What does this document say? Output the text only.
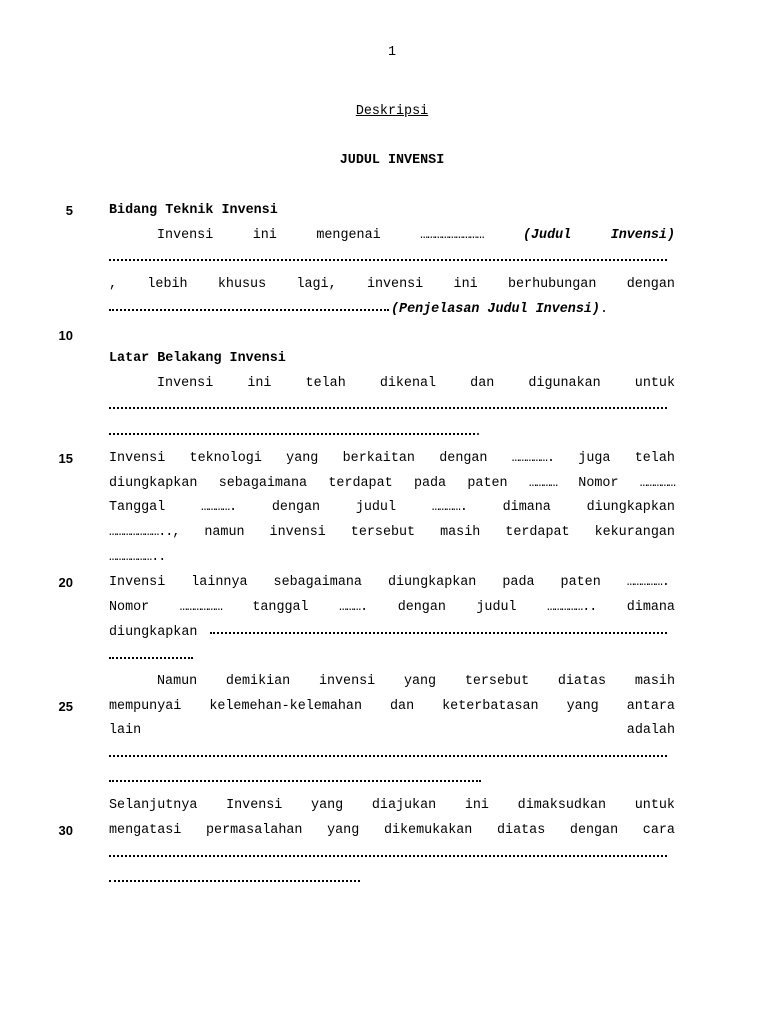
1
Deskripsi
JUDUL INVENSI
5
10
15
20
25
30
Bidang Teknik Invensi
Invensi	ini	mengenai	………………………	(Judul	Invensi)
, lebih khusus lagi, invensi ini berhubungan dengan
(Penjelasan Judul Invensi).
Latar Belakang Invensi
Invensi	ini	telah	dikenal	dan	digunakan	untuk
.
Invensi teknologi yang berkaitan dengan ……………. juga telah
diungkapkan sebagaimana terdapat pada paten ………… Nomor ……………
Tanggal	………….	dengan	judul	………….	dimana	diungkapkan
………………….., namun invensi tersebut masih terdapat kekurangan
………………..
Invensi lainnya sebagaimana diungkapkan pada paten …………….
Nomor ……………… tanggal ………. dengan judul …………….. dimana
diungkapkan
Namun demikian invensi yang tersebut diatas masih
mempunyai kelemehan-kelemahan dan keterbatasan yang antara
lain	adalah
Selanjutnya Invensi yang diajukan ini dimaksudkan untuk
mengatasi permasalahan yang dikemukakan diatas dengan cara
